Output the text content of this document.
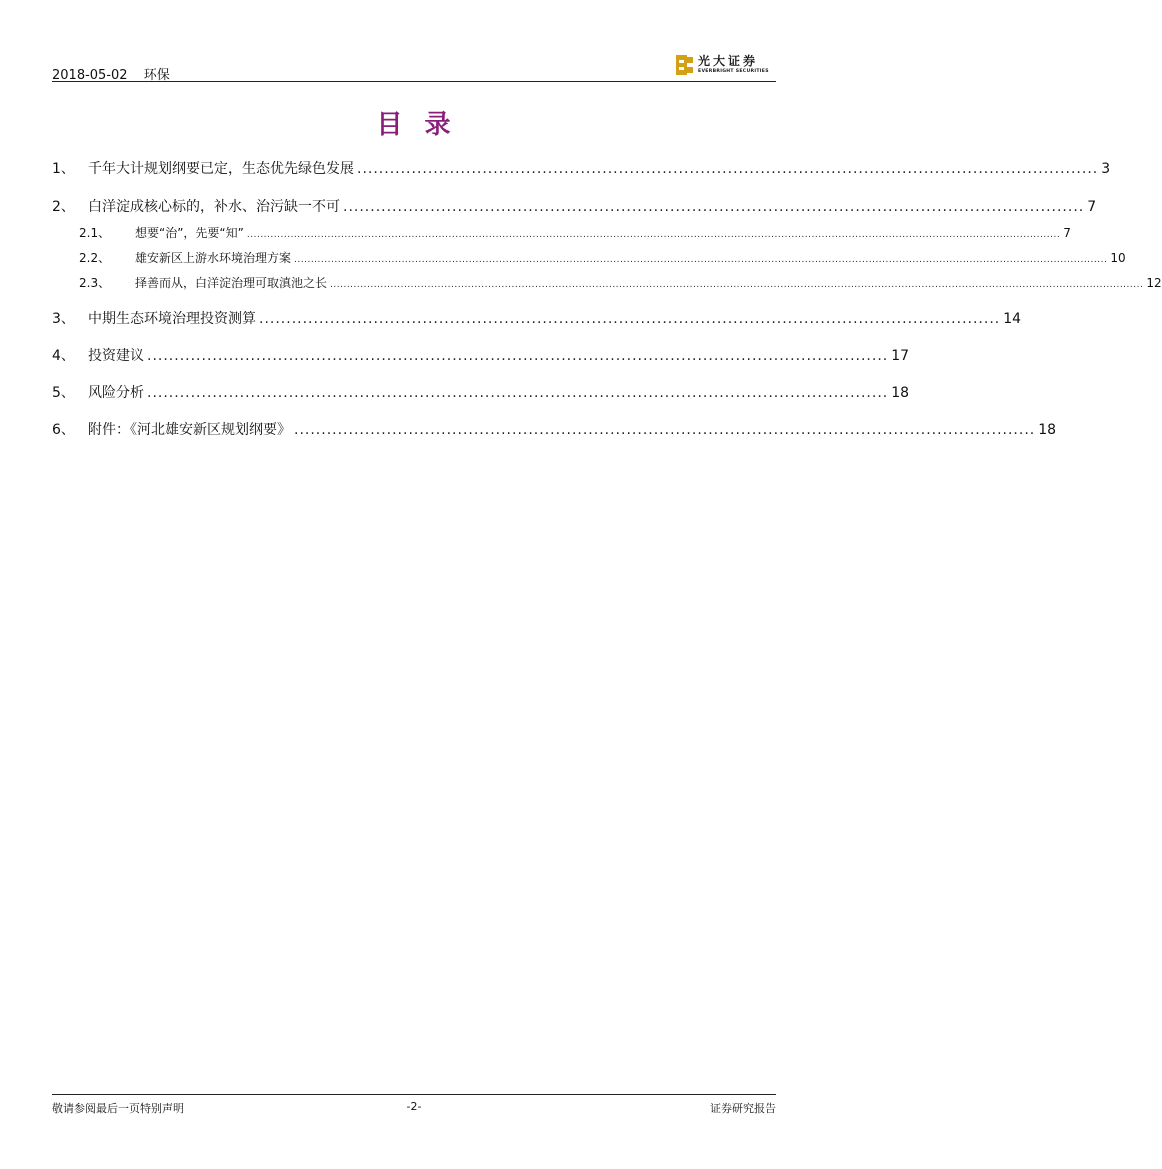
2018-05-02 环保
光大证券
EVERBRIGHT SECURITIES
目录
1、 千年大计规划纲要已定，生态优先绿色发展 ........................................................................................................................................ 3
2、 白洋淀成核心标的，补水、治污缺一不可 ........................................................................................................................................ 7
2.1、	想要“治”，先要“知” .................................................................................................................................................................................................................................................. 7
2.2、	雄安新区上游水环境治理方案 .................................................................................................................................................................................................................................................. 10
2.3、	择善而从，白洋淀治理可取滇池之长 .................................................................................................................................................................................................................................................. 12
3、 中期生态环境治理投资测算 ........................................................................................................................................ 14
4、 投资建议 ........................................................................................................................................ 17
5、 风险分析 ........................................................................................................................................ 18
6、 附件：《河北雄安新区规划纲要》 ........................................................................................................................................ 18
敬请参阅最后一页特别声明	-2-	证券研究报告
